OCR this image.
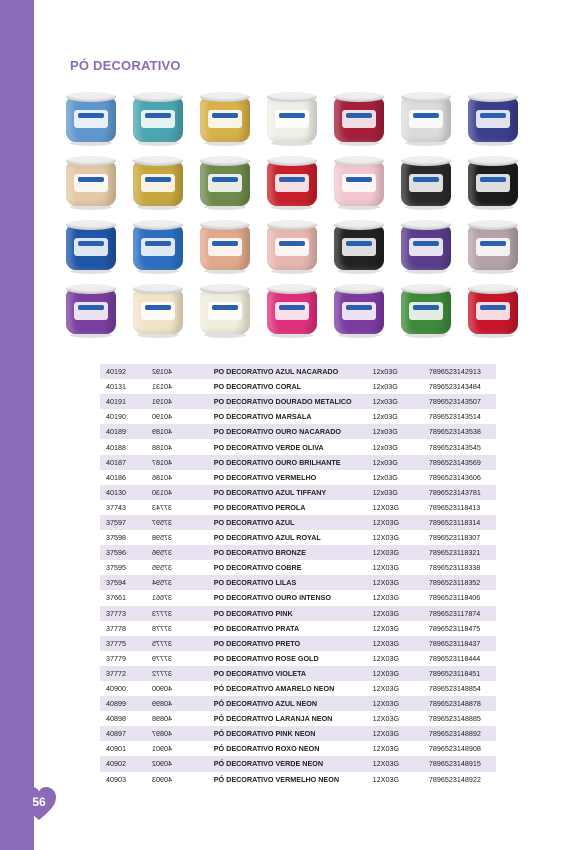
PÓ DECORATIVO
40192	40192	PO DECORATIVO AZUL NACARADO	12x03G	7896523142913
40131	40131	PO DECORATIVO CORAL	12x03G	7896523143484
40191	40191	PO DECORATIVO DOURADO METALICO	12x03G	7896523143507
40190	40190	PO DECORATIVO MARSALA	12x03G	7896523143514
40189	40189	PO DECORATIVO OURO NACARADO	12x03G	7896523143538
40188	40188	PO DECORATIVO VERDE OLIVA	12x03G	7896523143545
40187	40187	PO DECORATIVO OURO BRILHANTE	12x03G	7896523143569
40186	40186	PO DECORATIVO VERMELHO	12x03G	7896523143606
40130	40130	PO DECORATIVO AZUL TIFFANY	12x03G	7896523143781
37743	37743	PO DECORATIVO PEROLA	12X03G	7896523118413
37597	37597	PO DECORATIVO AZUL	12X03G	7896523118314
37598	37598	PO DECORATIVO AZUL ROYAL	12X03G	7896523118307
37596	37596	PO DECORATIVO BRONZE	12X03G	7896523118321
37595	37595	PO DECORATIVO COBRE	12X03G	7896523118338
37594	37594	PO DECORATIVO LILAS	12X03G	7896523118352
37661	37661	PO DECORATIVO OURO INTENSO	12X03G	7896523118406
37773	37773	PO DECORATIVO PINK	12X03G	7896523117874
37778	37778	PO DECORATIVO PRATA	12X03G	7896523118475
37775	37775	PO DECORATIVO PRETO	12X03G	7896523118437
37779	37779	PO DECORATIVO ROSE GOLD	12X03G	7896523118444
37772	37772	PO DECORATIVO VIOLETA	12X03G	7896523118451
40900	40900	PÓ DECORATIVO AMARELO NEON	12X03G	7896523148854
40899	40899	PÓ DECORATIVO AZUL NEON	12X03G	7896523148878
40898	40898	PÓ DECORATIVO LARANJA NEON	12X03G	7896523148885
40897	40897	PÓ DECORATIVO PINK NEON	12X03G	7896523148892
40901	40901	PÓ DECORATIVO ROXO NEON	12X03G	7896523148908
40902	40902	PÓ DECORATIVO VERDE NEON	12X03G	7896523148915
40903	40903	PÓ DECORATIVO VERMELHO NEON	12X03G	7896523148922
56
